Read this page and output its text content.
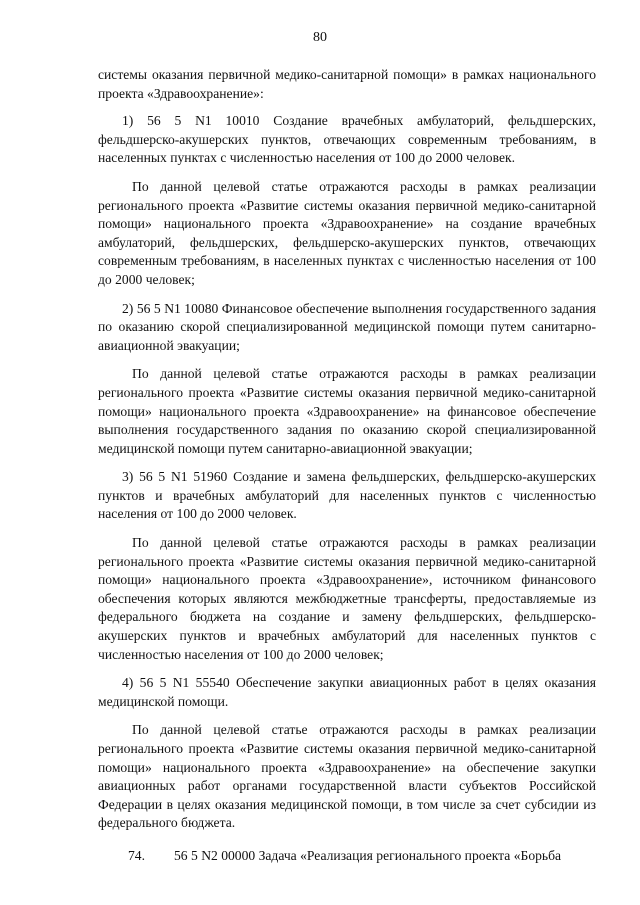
80

системы оказания первичной медико-санитарной помощи» в рамках национального проекта «Здравоохранение»:

1) 56 5 N1 10010 Создание врачебных амбулаторий, фельдшерских, фельдшерско-акушерских пунктов, отвечающих современным требованиям, в населенных пунктах с численностью населения от 100 до 2000 человек.

По данной целевой статье отражаются расходы в рамках реализации регионального проекта «Развитие системы оказания первичной медико-санитарной помощи» национального проекта «Здравоохранение» на создание врачебных амбулаторий, фельдшерских, фельдшерско-акушерских пунктов, отвечающих современным требованиям, в населенных пунктах с численностью населения от 100 до 2000 человек;

2) 56 5 N1 10080 Финансовое обеспечение выполнения государственного задания по оказанию скорой специализированной медицинской помощи путем санитарно-авиационной эвакуации;

По данной целевой статье отражаются расходы в рамках реализации регионального проекта «Развитие системы оказания первичной медико-санитарной помощи» национального проекта «Здравоохранение» на финансовое обеспечение выполнения государственного задания по оказанию скорой специализированной медицинской помощи путем санитарно-авиационной эвакуации;

3) 56 5 N1 51960 Создание и замена фельдшерских, фельдшерско-акушерских пунктов и врачебных амбулаторий для населенных пунктов с численностью населения от 100 до 2000 человек.

По данной целевой статье отражаются расходы в рамках реализации регионального проекта «Развитие системы оказания первичной медико-санитарной помощи» национального проекта «Здравоохранение», источником финансового обеспечения которых являются межбюджетные трансферты, предоставляемые из федерального бюджета на создание и замену фельдшерских, фельдшерско-акушерских пунктов и врачебных амбулаторий для населенных пунктов с численностью населения от 100 до 2000 человек;

4) 56 5 N1 55540 Обеспечение закупки авиационных работ в целях оказания медицинской помощи.

По данной целевой статье отражаются расходы в рамках реализации регионального проекта «Развитие системы оказания первичной медико-санитарной помощи» национального проекта «Здравоохранение» на обеспечение закупки авиационных работ органами государственной власти субъектов Российской Федерации в целях оказания медицинской помощи, в том числе за счет субсидии из федерального бюджета.

74. 56 5 N2 00000 Задача «Реализация регионального проекта «Борьба
